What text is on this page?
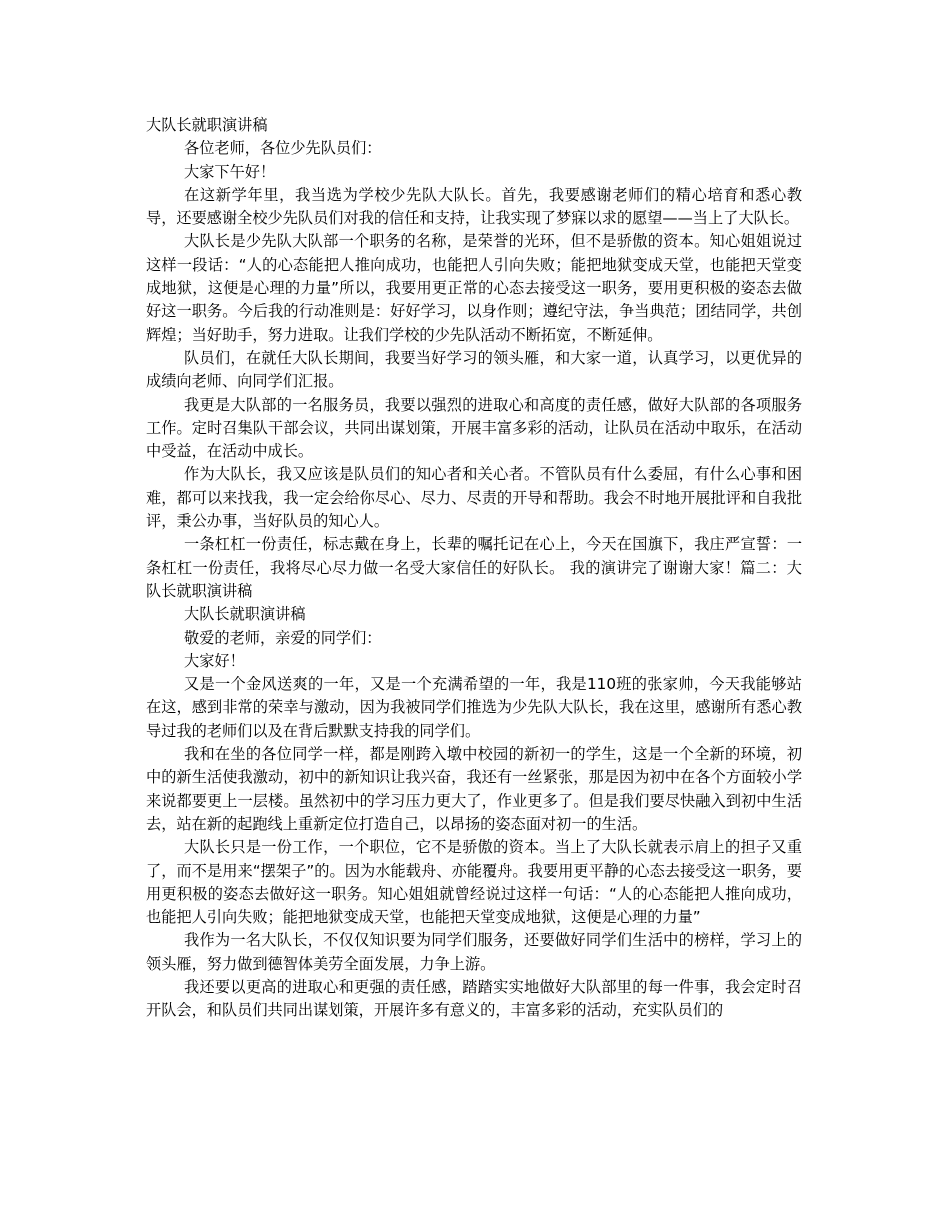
大队长就职演讲稿

各位老师，各位少先队员们：

大家下午好！

在这新学年里，我当选为学校少先队大队长。首先，我要感谢老师们的精心培育和悉心教导，还要感谢全校少先队员们对我的信任和支持，让我实现了梦寐以求的愿望——当上了大队长。

大队长是少先队大队部一个职务的名称，是荣誉的光环，但不是骄傲的资本。知心姐姐说过这样一段话：“人的心态能把人推向成功，也能把人引向失败；能把地狱变成天堂，也能把天堂变成地狱，这便是心理的力量”所以，我要用更正常的心态去接受这一职务，要用更积极的姿态去做好这一职务。今后我的行动准则是：好好学习，以身作则；遵纪守法，争当典范；团结同学，共创辉煌；当好助手，努力进取。让我们学校的少先队活动不断拓宽，不断延伸。

队员们，在就任大队长期间，我要当好学习的领头雁，和大家一道，认真学习，以更优异的成绩向老师、向同学们汇报。

我更是大队部的一名服务员，我要以强烈的进取心和高度的责任感，做好大队部的各项服务工作。定时召集队干部会议，共同出谋划策，开展丰富多彩的活动，让队员在活动中取乐，在活动中受益，在活动中成长。

作为大队长，我又应该是队员们的知心者和关心者。不管队员有什么委屈，有什么心事和困难，都可以来找我，我一定会给你尽心、尽力、尽责的开导和帮助。我会不时地开展批评和自我批评，秉公办事，当好队员的知心人。

一条杠杠一份责任，标志戴在身上，长辈的嘱托记在心上，今天在国旗下，我庄严宣誓：一条杠杠一份责任，我将尽心尽力做一名受大家信任的好队长。 我的演讲完了谢谢大家！篇二：大队长就职演讲稿

大队长就职演讲稿

敬爱的老师，亲爱的同学们：

大家好！

又是一个金风送爽的一年，又是一个充满希望的一年，我是110班的张家帅，今天我能够站在这，感到非常的荣幸与激动，因为我被同学们推选为少先队大队长，我在这里，感谢所有悉心教导过我的老师们以及在背后默默支持我的同学们。

我和在坐的各位同学一样，都是刚跨入墩中校园的新初一的学生，这是一个全新的环境，初中的新生活使我激动，初中的新知识让我兴奋，我还有一丝紧张，那是因为初中在各个方面较小学来说都要更上一层楼。虽然初中的学习压力更大了，作业更多了。但是我们要尽快融入到初中生活去，站在新的起跑线上重新定位打造自己，以昂扬的姿态面对初一的生活。

大队长只是一份工作，一个职位，它不是骄傲的资本。当上了大队长就表示肩上的担子又重了，而不是用来“摆架子”的。因为水能载舟、亦能覆舟。我要用更平静的心态去接受这一职务，要用更积极的姿态去做好这一职务。知心姐姐就曾经说过这样一句话：“人的心态能把人推向成功，也能把人引向失败；能把地狱变成天堂，也能把天堂变成地狱，这便是心理的力量”

我作为一名大队长，不仅仅知识要为同学们服务，还要做好同学们生活中的榜样，学习上的领头雁，努力做到德智体美劳全面发展，力争上游。

我还要以更高的进取心和更强的责任感，踏踏实实地做好大队部里的每一件事，我会定时召开队会，和队员们共同出谋划策，开展许多有意义的，丰富多彩的活动，充实队员们的
